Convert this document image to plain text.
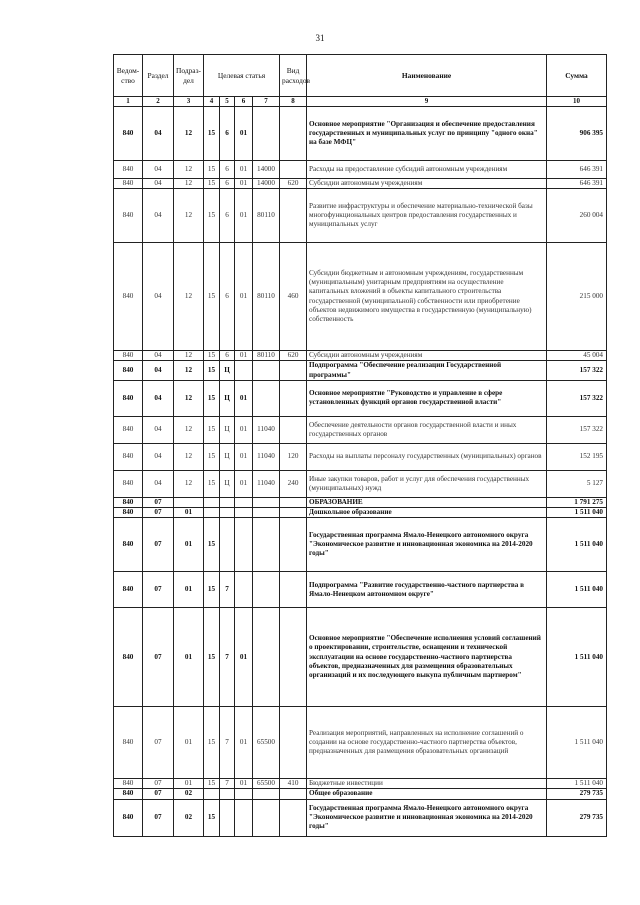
31
Ведом-ство	Раздел	Подраз-дел	Целевая статья				Вид расходов	Наименование	Сумма
1	2	3	4	5	6	7	8	9	10
840	04	12	15	6	01			Основное мероприятие "Организация и обеспечение предоставления государственных и муниципальных услуг по принципу "одного окна" на базе МФЦ"	906 395
840	04	12	15	6	01	14000		Расходы на предоставление субсидий автономным учреждениям	646 391
840	04	12	15	6	01	14000	620	Субсидии автономным учреждениям	646 391
840	04	12	15	6	01	80110		Развитие инфраструктуры и обеспечение материально-технической базы многофункциональных центров предоставления государственных и муниципальных услуг	260 004
840	04	12	15	6	01	80110	460	Субсидии бюджетным и автономным учреждениям, государственным (муниципальным) унитарным предприятиям на осуществление капитальных вложений в объекты капитального строительства государственной (муниципальной) собственности или приобретение объектов недвижимого имущества в государственную (муниципальную) собственность	215 000
840	04	12	15	6	01	80110	620	Субсидии автономным учреждениям	45 004
840	04	12	15	Ц				Подпрограмма "Обеспечение реализации Государственной программы"	157 322
840	04	12	15	Ц	01			Основное мероприятие "Руководство и управление в сфере установленных функций органов государственной власти"	157 322
840	04	12	15	Ц	01	11040		Обеспечение деятельности органов государственной власти и иных государственных органов	157 322
840	04	12	15	Ц	01	11040	120	Расходы на выплаты персоналу государственных (муниципальных) органов	152 195
840	04	12	15	Ц	01	11040	240	Иные закупки товаров, работ и услуг для обеспечения государственных (муниципальных) нужд	5 127
840	07							ОБРАЗОВАНИЕ	1 791 275
840	07	01						Дошкольное образование	1 511 040
840	07	01	15					Государственная программа Ямало-Ненецкого автономного округа "Экономическое развитие и инновационная экономика на 2014-2020 годы"	1 511 040
840	07	01	15	7				Подпрограмма "Развитие государственно-частного партнерства в Ямало-Ненецком автономном округе"	1 511 040
840	07	01	15	7	01			Основное мероприятие "Обеспечение исполнения условий соглашений о проектировании, строительстве, оснащении и технической эксплуатации на основе государственно-частного партнерства объектов, предназначенных для размещения образовательных организаций и их последующего выкупа публичным партнером"	1 511 040
840	07	01	15	7	01	65500		Реализация мероприятий, направленных на исполнение соглашений о создании на основе государственно-частного партнерства объектов, предназначенных для размещения образовательных организаций	1 511 040
840	07	01	15	7	01	65500	410	Бюджетные инвестиции	1 511 040
840	07	02						Общее образование	279 735
840	07	02	15					Государственная программа Ямало-Ненецкого автономного округа "Экономическое развитие и инновационная экономика на 2014-2020 годы"	279 735
